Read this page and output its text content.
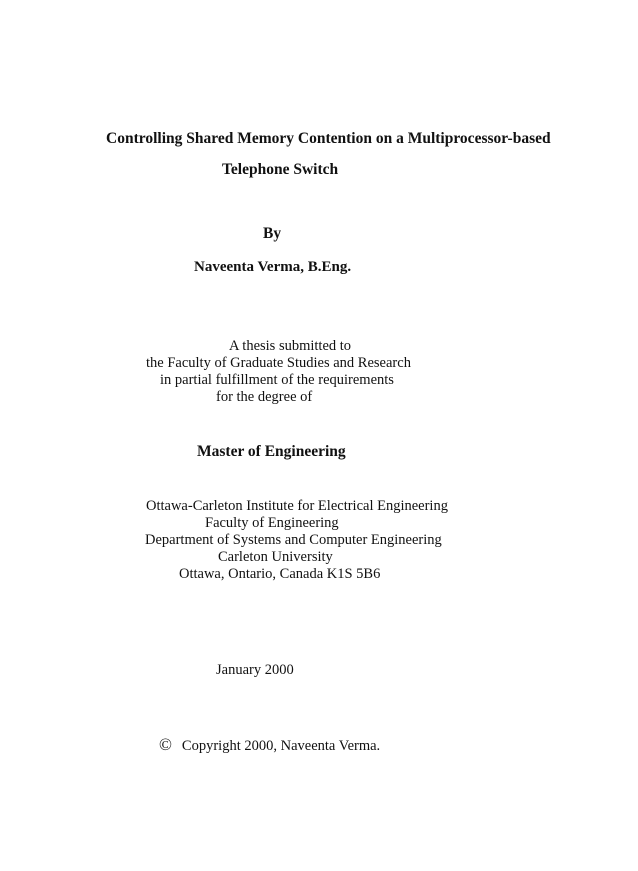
Controlling Shared Memory Contention on a Multiprocessor-based
Telephone Switch
By
Naveenta Verma, B.Eng.
A thesis submitted to
the Faculty of Graduate Studies and Research
in partial fulfillment of the requirements
for the degree of
Master of Engineering
Ottawa-Carleton Institute for Electrical Engineering
Faculty of Engineering
Department of Systems and Computer Engineering
Carleton University
Ottawa, Ontario, Canada K1S 5B6
January 2000
© Copyright 2000, Naveenta Verma.
